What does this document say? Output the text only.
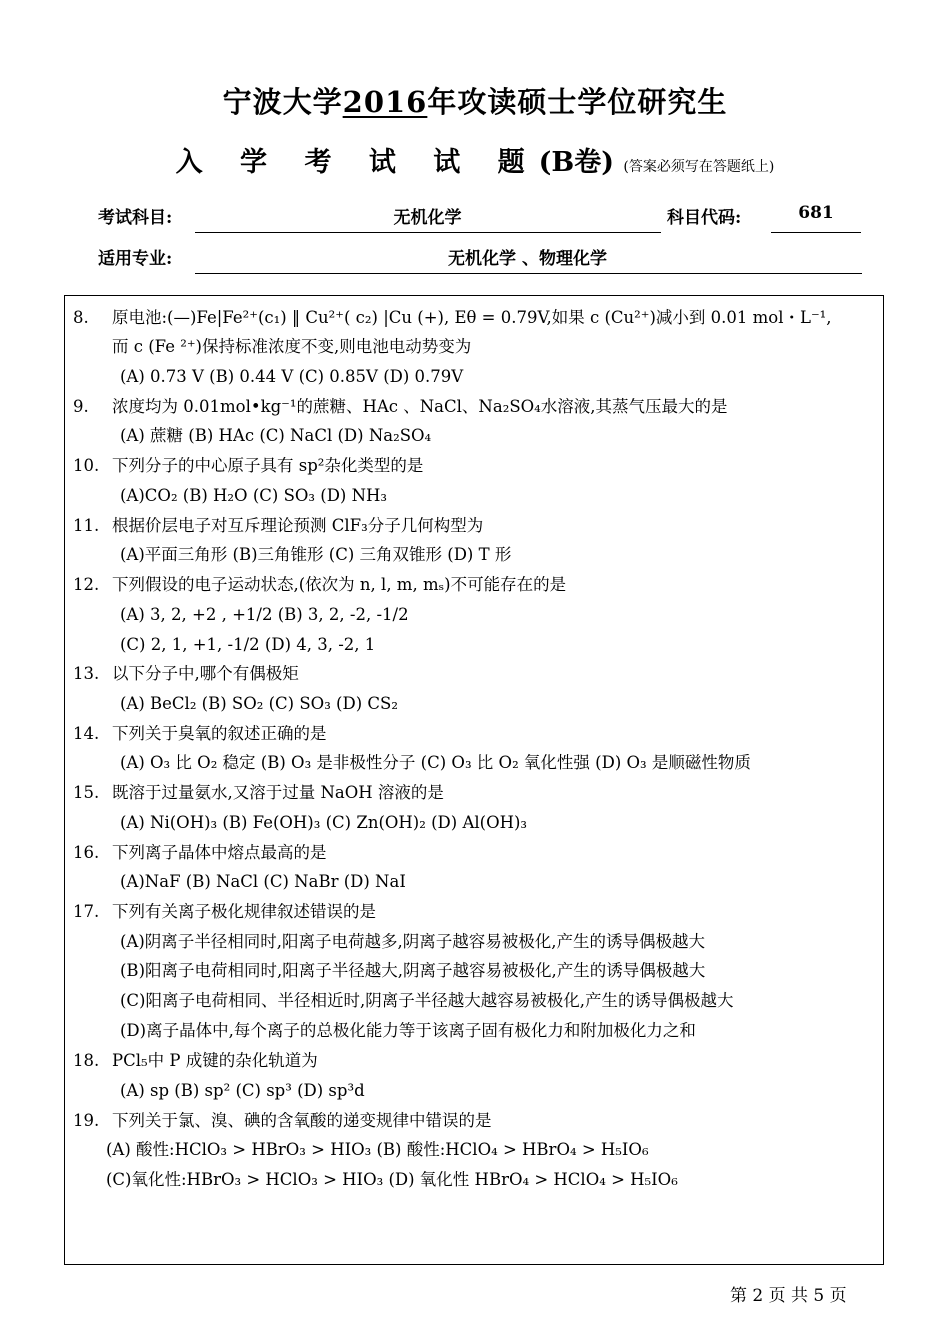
宁波大学2016年攻读硕士学位研究生
入 学 考 试 试 题(B卷) (答案必须写在答题纸上)
考试科目:	无机化学	科目代码:	681
适用专业:	无机化学 、物理化学
8. 原电池:(—)Fe|Fe²⁺(c₁) ‖ Cu²⁺( c₂) |Cu (+), Eθ = 0.79V,如果 c (Cu²⁺)减小到 0.01 mol・L⁻¹,
而 c (Fe ²⁺)保持标准浓度不变,则电池电动势变为
(A) 0.73 V (B) 0.44 V (C) 0.85V (D) 0.79V
9. 浓度均为 0.01mol•kg⁻¹的蔗糖、HAc 、NaCl、Na₂SO₄水溶液,其蒸气压最大的是
(A) 蔗糖 (B) HAc (C) NaCl (D) Na₂SO₄
10. 下列分子的中心原子具有 sp²杂化类型的是
(A)CO₂ (B) H₂O (C) SO₃ (D) NH₃
11. 根据价层电子对互斥理论预测 ClF₃分子几何构型为
(A)平面三角形 (B)三角锥形 (C) 三角双锥形 (D) T 形
12. 下列假设的电子运动状态,(依次为 n, l, m, mₛ)不可能存在的是
(A) 3, 2, +2 , +1/2 (B) 3, 2, -2, -1/2
(C) 2, 1, +1, -1/2 (D) 4, 3, -2, 1
13. 以下分子中,哪个有偶极矩
(A) BeCl₂ (B) SO₂ (C) SO₃ (D) CS₂
14. 下列关于臭氧的叙述正确的是
(A) O₃ 比 O₂ 稳定 (B) O₃ 是非极性分子 (C) O₃ 比 O₂ 氧化性强 (D) O₃ 是顺磁性物质
15. 既溶于过量氨水,又溶于过量 NaOH 溶液的是
(A) Ni(OH)₃ (B) Fe(OH)₃ (C) Zn(OH)₂ (D) Al(OH)₃
16. 下列离子晶体中熔点最高的是
(A)NaF (B) NaCl (C) NaBr (D) NaI
17. 下列有关离子极化规律叙述错误的是
(A)阴离子半径相同时,阳离子电荷越多,阴离子越容易被极化,产生的诱导偶极越大
(B)阳离子电荷相同时,阳离子半径越大,阴离子越容易被极化,产生的诱导偶极越大
(C)阳离子电荷相同、半径相近时,阴离子半径越大越容易被极化,产生的诱导偶极越大
(D)离子晶体中,每个离子的总极化能力等于该离子固有极化力和附加极化力之和
18. PCl₅中 P 成键的杂化轨道为
(A) sp (B) sp² (C) sp³ (D) sp³d
19. 下列关于氯、溴、碘的含氧酸的递变规律中错误的是
(A) 酸性:HClO₃ > HBrO₃ > HIO₃ (B) 酸性:HClO₄ > HBrO₄ > H₅IO₆
(C)氧化性:HBrO₃ > HClO₃ > HIO₃ (D) 氧化性 HBrO₄ > HClO₄ > H₅IO₆
第 2 页 共 5 页
